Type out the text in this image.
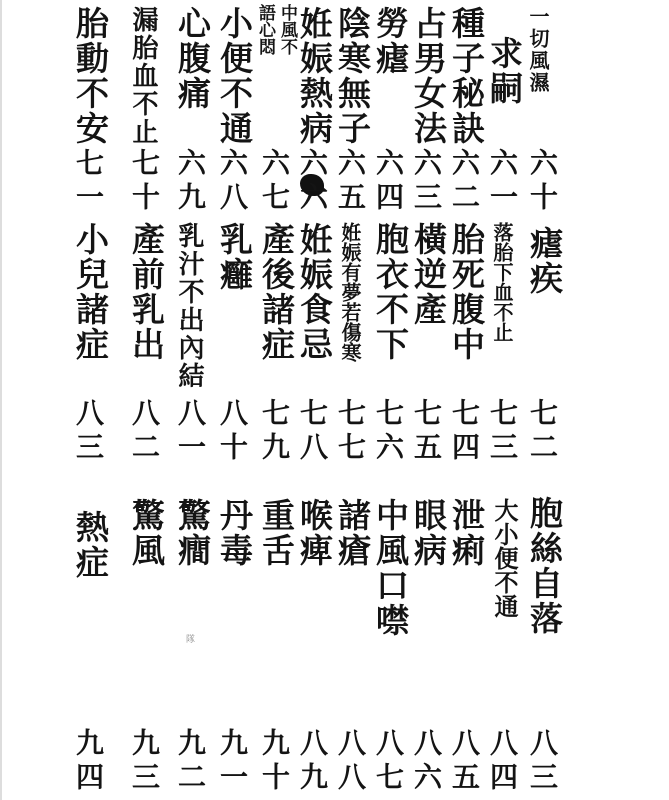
一切風濕
六十
瘧疾
七二
胞絲自落
八三
求嗣
六一
落胎下血不止
七三
大小便不通
八四
種子秘訣
六二
胎死腹中
七四
泄痢
八五
占男女法
六三
橫逆產
七五
眼病
八六
勞瘧
六四
胞衣不下
七六
中風口噤
八七
陰寒無子
六五
姙娠有夢若傷寒
七七
諸瘡
八八
姙娠熱病
六六
姙娠食忌
七八
喉痺
八九
中風不
語心悶
六七
產後諸症
七九
重舌
九十
小便不通
六八
乳癰
八十
丹毒
九一
心腹痛
六九
乳汁不出內結
八一
驚癎
隊
九二
漏胎血不止
七十
產前乳出
八二
驚風
九三
胎動不安
七一
小兒諸症
八三
熱症
九四
